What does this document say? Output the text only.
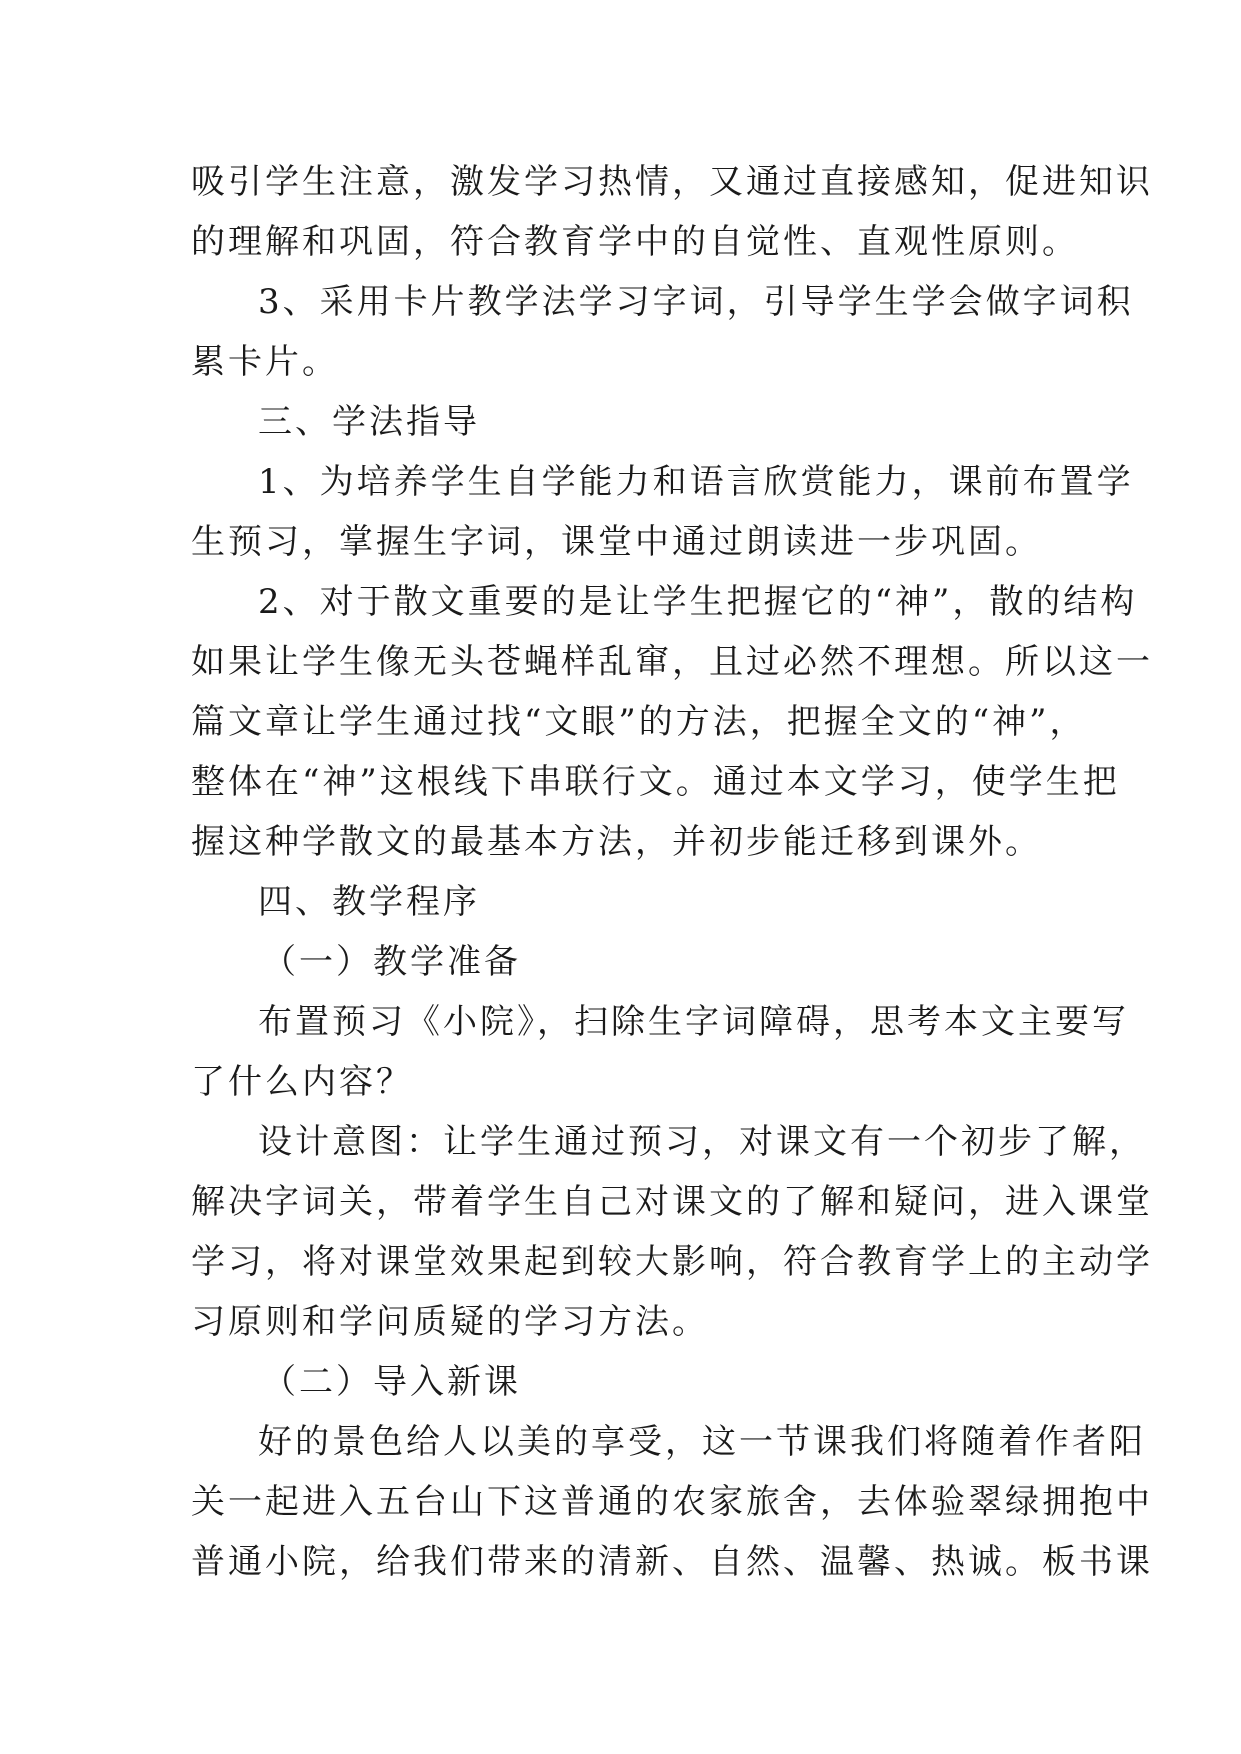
吸引学生注意，激发学习热情，又通过直接感知，促进知识
的理解和巩固，符合教育学中的自觉性、直观性原则。
3、采用卡片教学法学习字词，引导学生学会做字词积
累卡片。
三、学法指导
1、为培养学生自学能力和语言欣赏能力，课前布置学
生预习，掌握生字词，课堂中通过朗读进一步巩固。
2、对于散文重要的是让学生把握它的“神”，散的结构
如果让学生像无头苍蝇样乱窜，且过必然不理想。所以这一
篇文章让学生通过找“文眼”的方法，把握全文的“神”，
整体在“神”这根线下串联行文。通过本文学习，使学生把
握这种学散文的最基本方法，并初步能迁移到课外。
四、教学程序
（一）教学准备
布置预习《小院》，扫除生字词障碍，思考本文主要写
了什么内容？
设计意图：让学生通过预习，对课文有一个初步了解，
解决字词关，带着学生自己对课文的了解和疑问，进入课堂
学习，将对课堂效果起到较大影响，符合教育学上的主动学
习原则和学问质疑的学习方法。
（二）导入新课
好的景色给人以美的享受，这一节课我们将随着作者阳
关一起进入五台山下这普通的农家旅舍，去体验翠绿拥抱中
普通小院，给我们带来的清新、自然、温馨、热诚。板书课
